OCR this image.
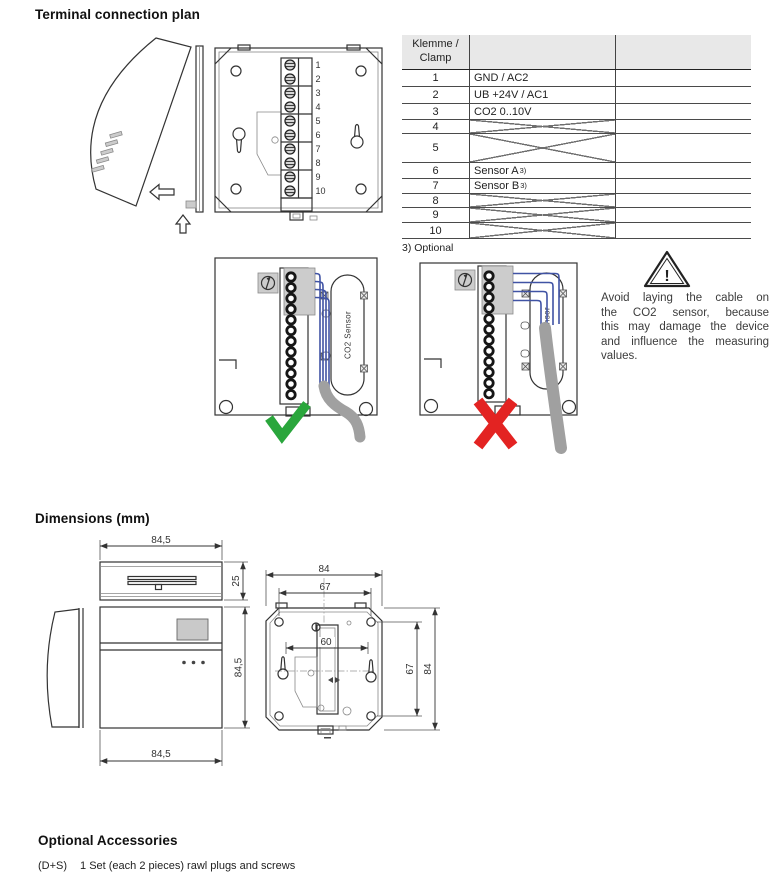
Terminal connection plan
1
2
3
4
5
6
7
8
9
10
Klemme / Clamp
1	GND / AC2
2	UB +24V / AC1
3	CO2 0..10V
4
5
6	Sensor A 3)
7	Sensor B 3)
8
9
10
3) Optional
CO2 Sensor	CO2 Sensor
!
Avoid laying the cable on
the CO2 sensor, because
this may damage the device
and influence the measuring
values.
Dimensions (mm)
84,5
25
84,5
84,5
84
67
60
67 84
Optional Accessories
(D+S) 1 Set (each 2 pieces) rawl plugs and screws
